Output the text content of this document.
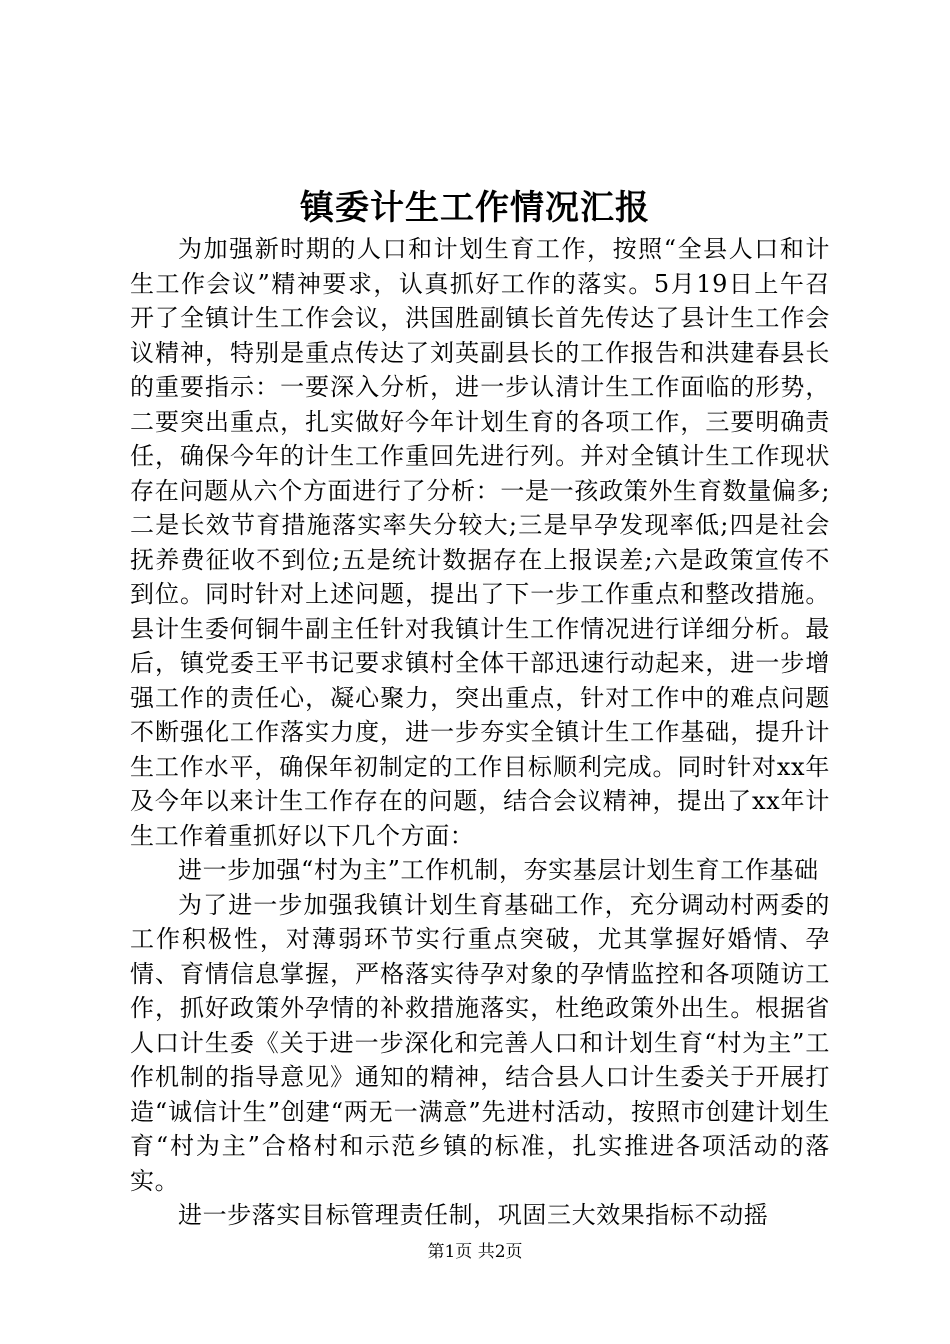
镇委计生工作情况汇报

为加强新时期的人口和计划生育工作，按照“全县人口和计生工作会议”精神要求，认真抓好工作的落实。5月19日上午召开了全镇计生工作会议，洪国胜副镇长首先传达了县计生工作会议精神，特别是重点传达了刘英副县长的工作报告和洪建春县长的重要指示：一要深入分析，进一步认清计生工作面临的形势，二要突出重点，扎实做好今年计划生育的各项工作，三要明确责任，确保今年的计生工作重回先进行列。并对全镇计生工作现状存在问题从六个方面进行了分析：一是一孩政策外生育数量偏多;二是长效节育措施落实率失分较大;三是早孕发现率低;四是社会抚养费征收不到位;五是统计数据存在上报误差;六是政策宣传不到位。同时针对上述问题，提出了下一步工作重点和整改措施。县计生委何铜牛副主任针对我镇计生工作情况进行详细分析。最后，镇党委王平书记要求镇村全体干部迅速行动起来，进一步增强工作的责任心，凝心聚力，突出重点，针对工作中的难点问题不断强化工作落实力度，进一步夯实全镇计生工作基础，提升计生工作水平，确保年初制定的工作目标顺利完成。同时针对xx年及今年以来计生工作存在的问题，结合会议精神，提出了xx年计生工作着重抓好以下几个方面：

进一步加强“村为主”工作机制，夯实基层计划生育工作基础

为了进一步加强我镇计划生育基础工作，充分调动村两委的工作积极性，对薄弱环节实行重点突破，尤其掌握好婚情、孕情、育情信息掌握，严格落实待孕对象的孕情监控和各项随访工作，抓好政策外孕情的补救措施落实，杜绝政策外出生。根据省人口计生委《关于进一步深化和完善人口和计划生育“村为主”工作机制的指导意见》通知的精神，结合县人口计生委关于开展打造“诚信计生”创建“两无一满意”先进村活动，按照市创建计划生育“村为主”合格村和示范乡镇的标准，扎实推进各项活动的落实。

进一步落实目标管理责任制，巩固三大效果指标不动摇

第1页 共2页
